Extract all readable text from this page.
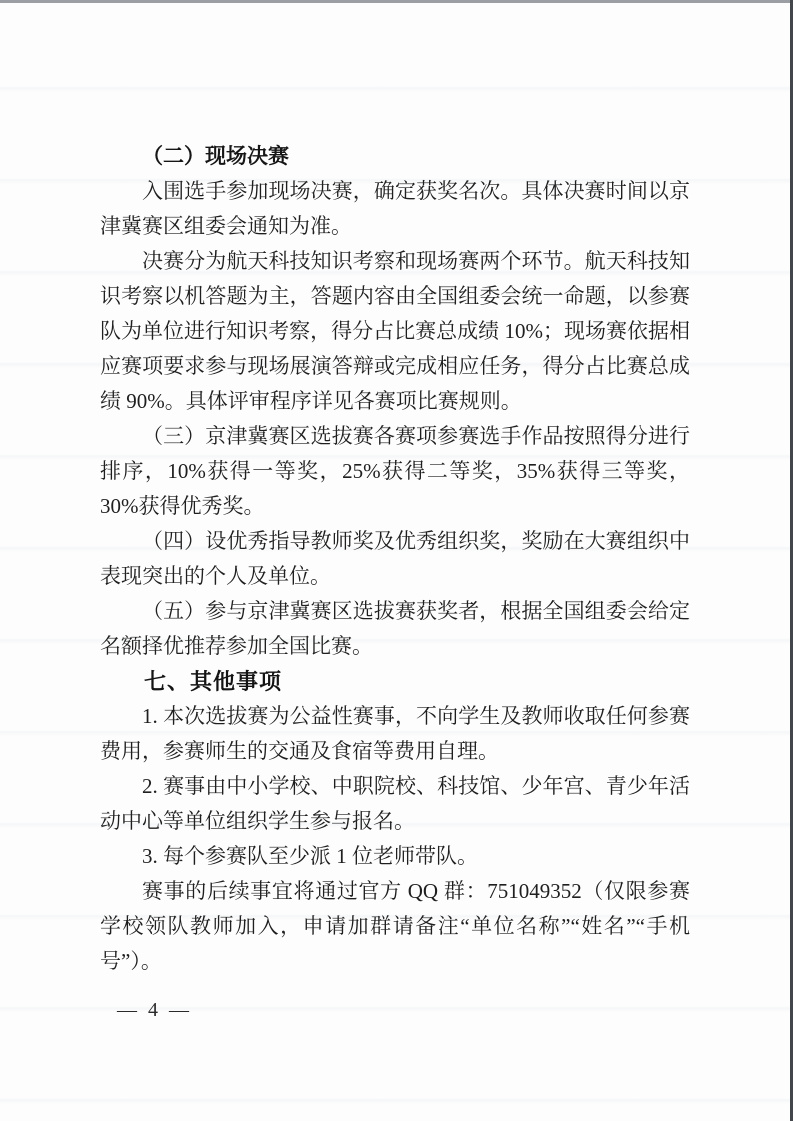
（二）现场决赛

入围选手参加现场决赛，确定获奖名次。具体决赛时间以京津冀赛区组委会通知为准。

决赛分为航天科技知识考察和现场赛两个环节。航天科技知识考察以机答题为主，答题内容由全国组委会统一命题，以参赛队为单位进行知识考察，得分占比赛总成绩 10%；现场赛依据相应赛项要求参与现场展演答辩或完成相应任务，得分占比赛总成绩 90%。具体评审程序详见各赛项比赛规则。

（三）京津冀赛区选拔赛各赛项参赛选手作品按照得分进行排序，10%获得一等奖，25%获得二等奖，35%获得三等奖，30%获得优秀奖。

（四）设优秀指导教师奖及优秀组织奖，奖励在大赛组织中表现突出的个人及单位。

（五）参与京津冀赛区选拔赛获奖者，根据全国组委会给定名额择优推荐参加全国比赛。

七、其他事项

1. 本次选拔赛为公益性赛事，不向学生及教师收取任何参赛费用，参赛师生的交通及食宿等费用自理。

2. 赛事由中小学校、中职院校、科技馆、少年宫、青少年活动中心等单位组织学生参与报名。

3. 每个参赛队至少派 1 位老师带队。

赛事的后续事宜将通过官方 QQ 群：751049352（仅限参赛学校领队教师加入，申请加群请备注“单位名称”“姓名”“手机号”）。

— 4 —
